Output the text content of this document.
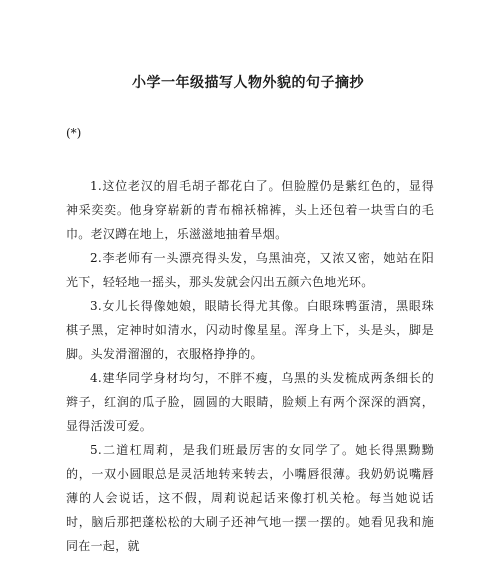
小学一年级描写人物外貌的句子摘抄
(*)

1.这位老汉的眉毛胡子都花白了。但脸膛仍是紫红色的，显得神采奕奕。他身穿崭新的青布棉袄棉裤，头上还包着一块雪白的毛巾。老汉蹲在地上，乐滋滋地抽着旱烟。

2.李老师有一头漂亮得头发，乌黑油亮，又浓又密，她站在阳光下，轻轻地一摇头，那头发就会闪出五颜六色地光环。

3.女儿长得像她娘，眼睛长得尤其像。白眼珠鸭蛋清，黑眼珠棋子黑，定神时如清水，闪动时像星星。浑身上下，头是头，脚是脚。头发滑溜溜的，衣服格挣挣的。

4.建华同学身材均匀，不胖不瘦，乌黑的头发梳成两条细长的辫子，红润的瓜子脸，圆圆的大眼睛，脸颊上有两个深深的酒窝，显得活泼可爱。

5.二道杠周莉，是我们班最厉害的女同学了。她长得黑黝黝的，一双小圆眼总是灵活地转来转去，小嘴唇很薄。我奶奶说嘴唇薄的人会说话，这不假，周莉说起话来像打机关枪。每当她说话时，脑后那把蓬松松的大刷子还神气地一摆一摆的。她看见我和施同在一起，就
